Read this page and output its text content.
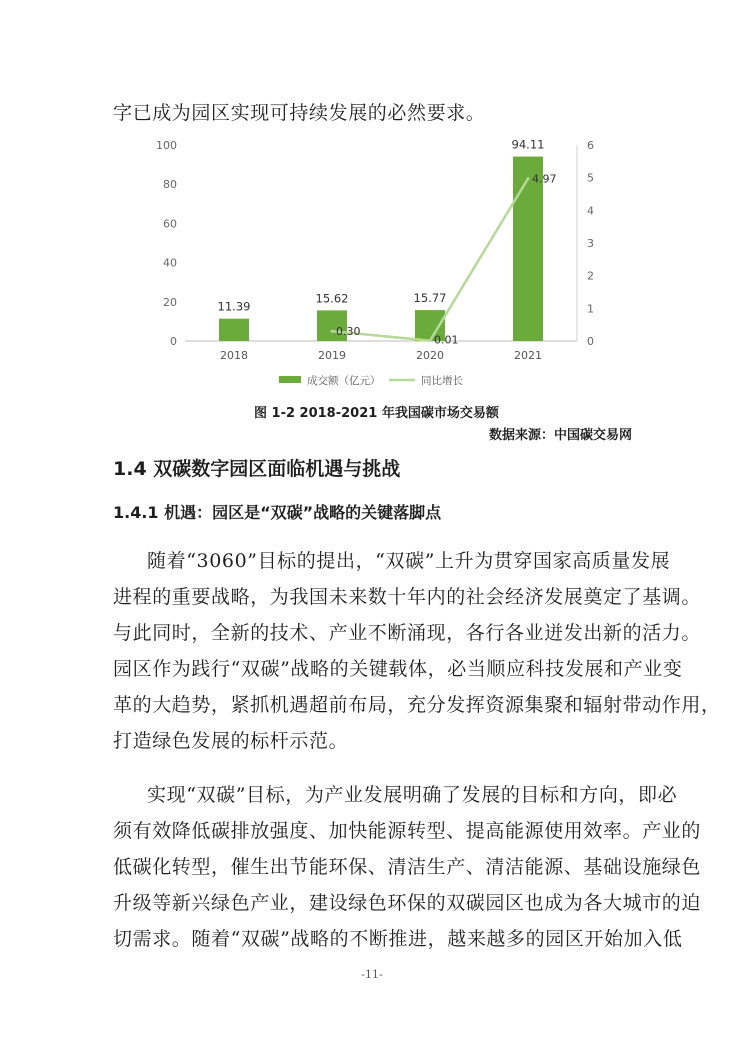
字已成为园区实现可持续发展的必然要求。
0
20
40
60
80
100
0
1
2
3
4
5
6
11.39
2018
15.62
2019
15.77
2020
94.11
2021
0.30
0.01
4.97
成交额（亿元）	同比增长
图 1-2 2018-2021 年我国碳市场交易额
数据来源：中国碳交易网
1.4 双碳数字园区面临机遇与挑战
1.4.1 机遇：园区是“双碳”战略的关键落脚点
随着“3060”目标的提出，“双碳”上升为贯穿国家高质量发展
进程的重要战略，为我国未来数十年内的社会经济发展奠定了基调。
与此同时，全新的技术、产业不断涌现，各行各业迸发出新的活力。
园区作为践行“双碳”战略的关键载体，必当顺应科技发展和产业变
革的大趋势，紧抓机遇超前布局，充分发挥资源集聚和辐射带动作用，
打造绿色发展的标杆示范。
实现“双碳”目标，为产业发展明确了发展的目标和方向，即必
须有效降低碳排放强度、加快能源转型、提高能源使用效率。产业的
低碳化转型，催生出节能环保、清洁生产、清洁能源、基础设施绿色
升级等新兴绿色产业，建设绿色环保的双碳园区也成为各大城市的迫
切需求。随着“双碳”战略的不断推进，越来越多的园区开始加入低
-11-
